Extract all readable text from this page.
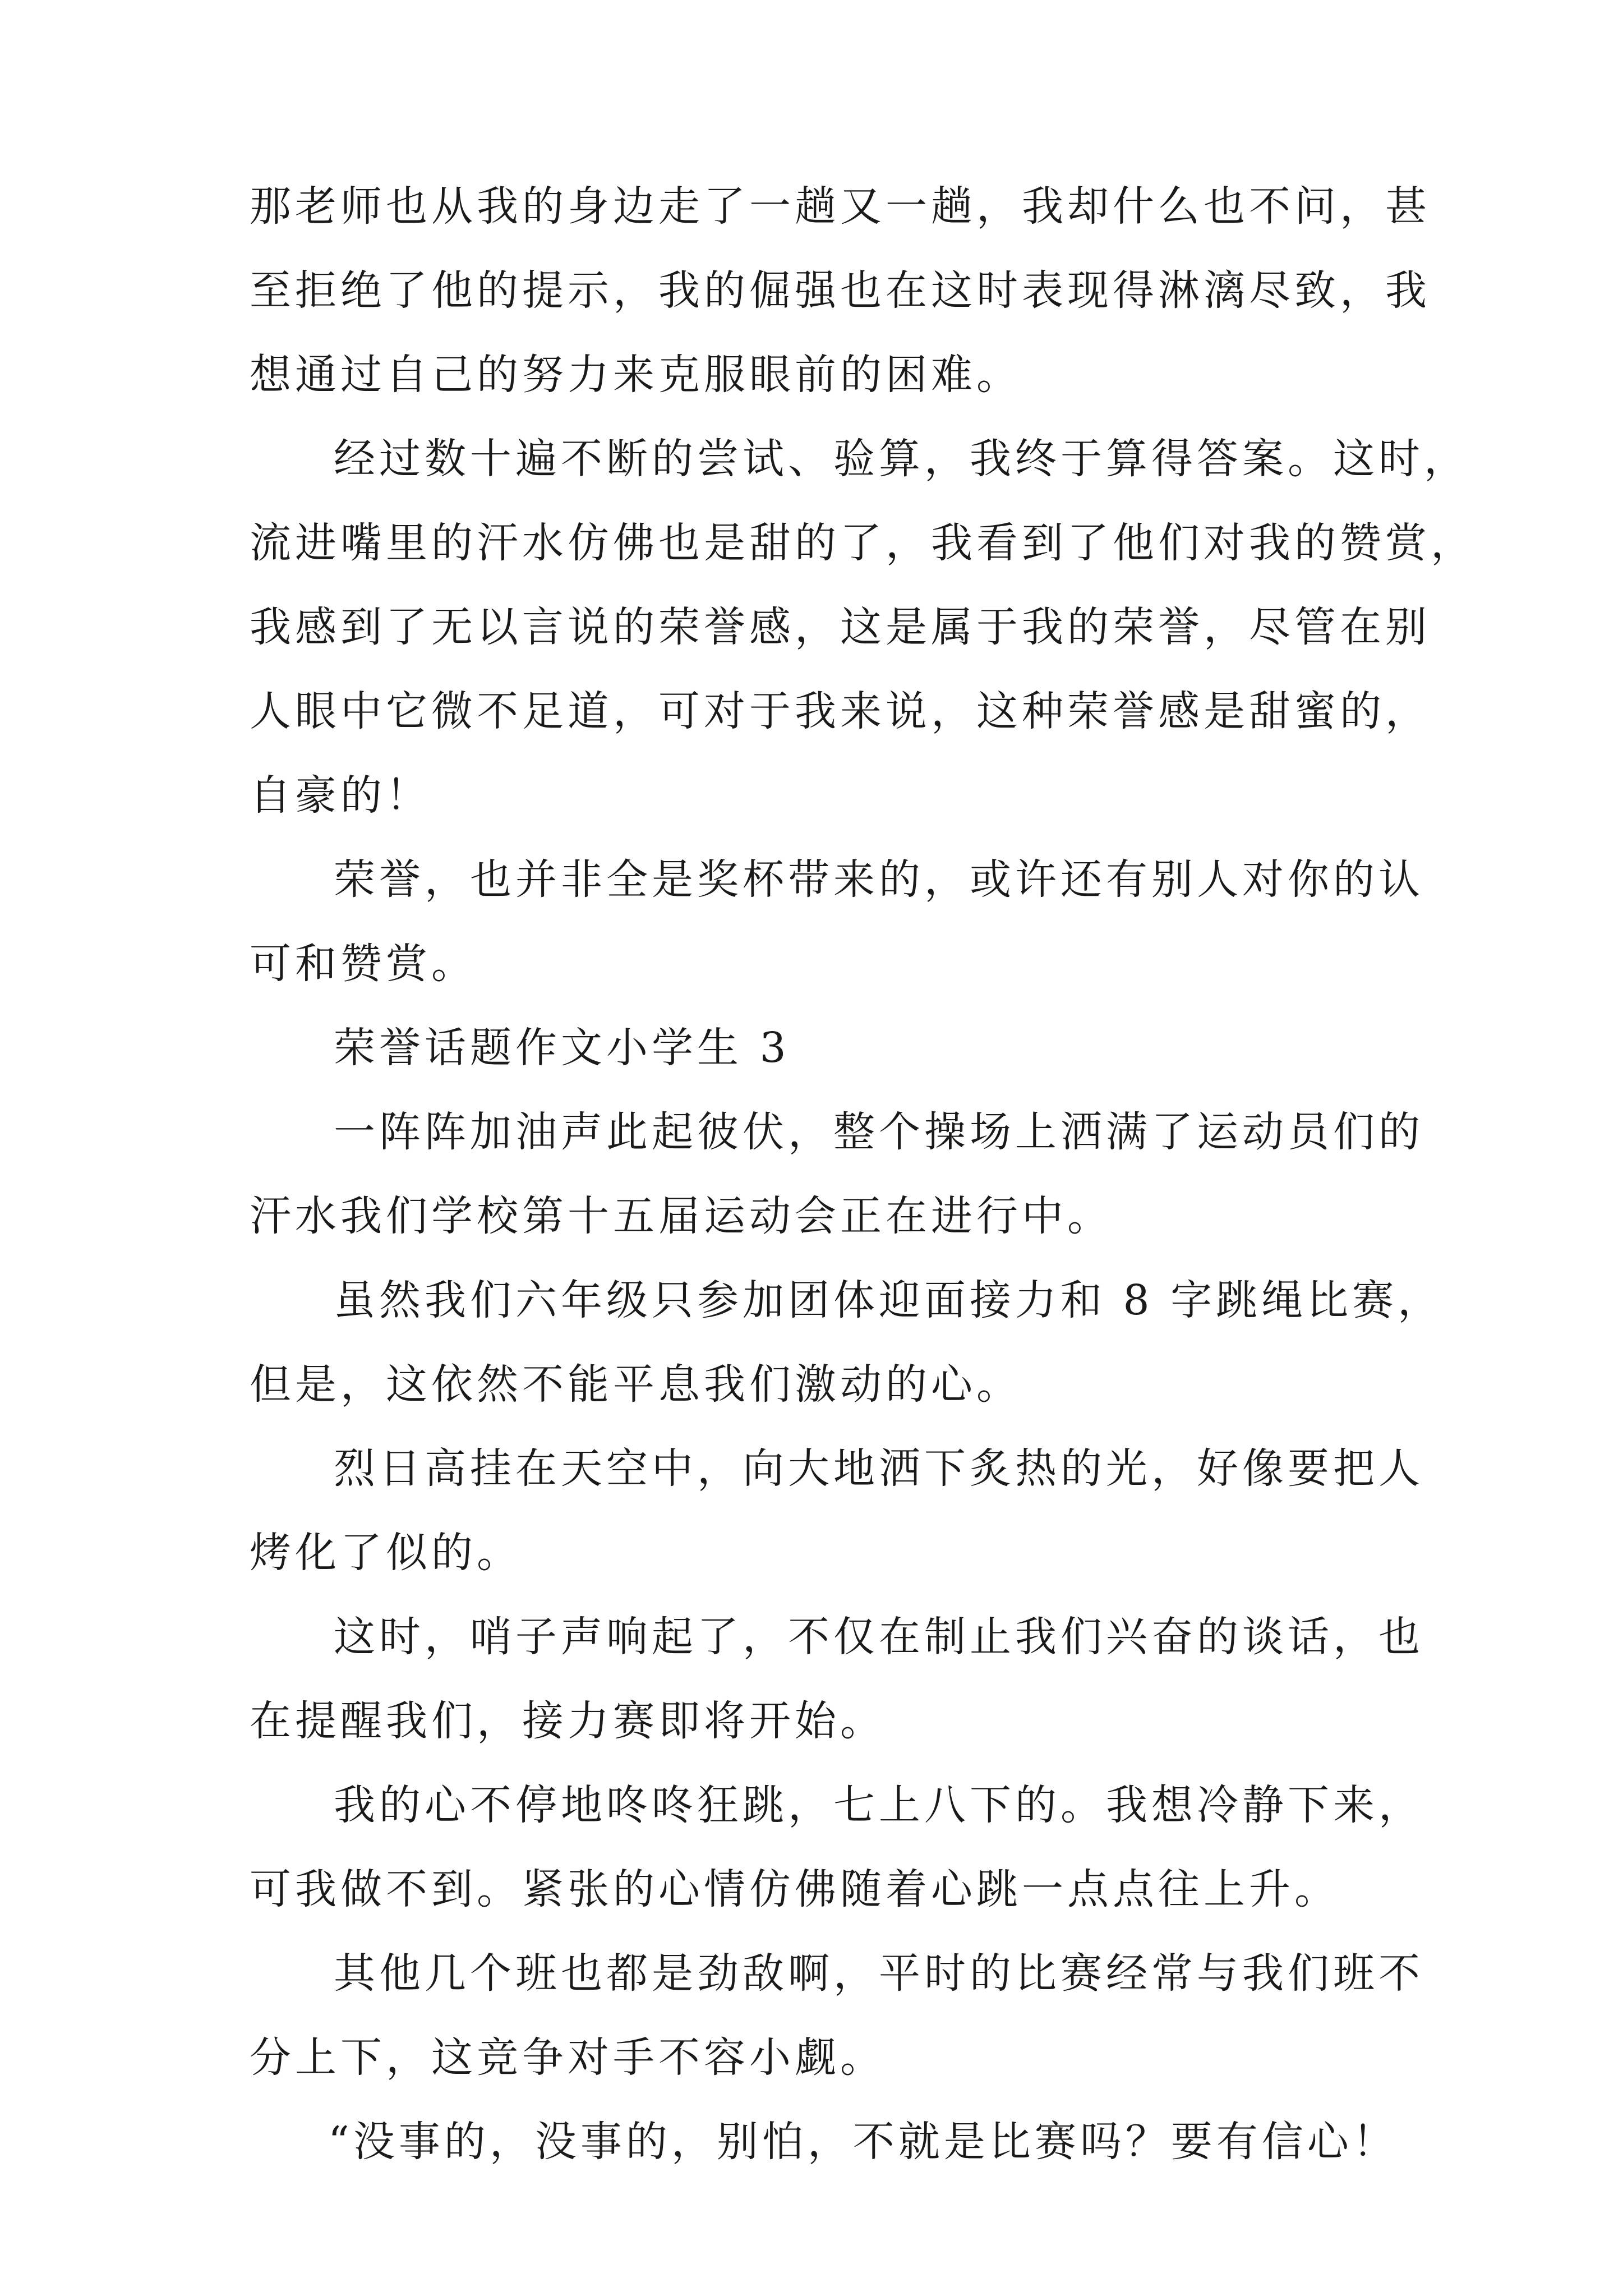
那老师也从我的身边走了一趟又一趟，我却什么也不问，甚
至拒绝了他的提示，我的倔强也在这时表现得淋漓尽致，我
想通过自己的努力来克服眼前的困难。
经过数十遍不断的尝试、验算，我终于算得答案。这时，
流进嘴里的汗水仿佛也是甜的了，我看到了他们对我的赞赏，
我感到了无以言说的荣誉感，这是属于我的荣誉，尽管在别
人眼中它微不足道，可对于我来说，这种荣誉感是甜蜜的，
自豪的！
荣誉，也并非全是奖杯带来的，或许还有别人对你的认
可和赞赏。
荣誉话题作文小学生 3
一阵阵加油声此起彼伏，整个操场上洒满了运动员们的
汗水我们学校第十五届运动会正在进行中。
虽然我们六年级只参加团体迎面接力和 8 字跳绳比赛，
但是，这依然不能平息我们激动的心。
烈日高挂在天空中，向大地洒下炙热的光，好像要把人
烤化了似的。
这时，哨子声响起了，不仅在制止我们兴奋的谈话，也
在提醒我们，接力赛即将开始。
我的心不停地咚咚狂跳，七上八下的。我想冷静下来，
可我做不到。紧张的心情仿佛随着心跳一点点往上升。
其他几个班也都是劲敌啊，平时的比赛经常与我们班不
分上下，这竞争对手不容小觑。
“没事的，没事的，别怕，不就是比赛吗？要有信心！
